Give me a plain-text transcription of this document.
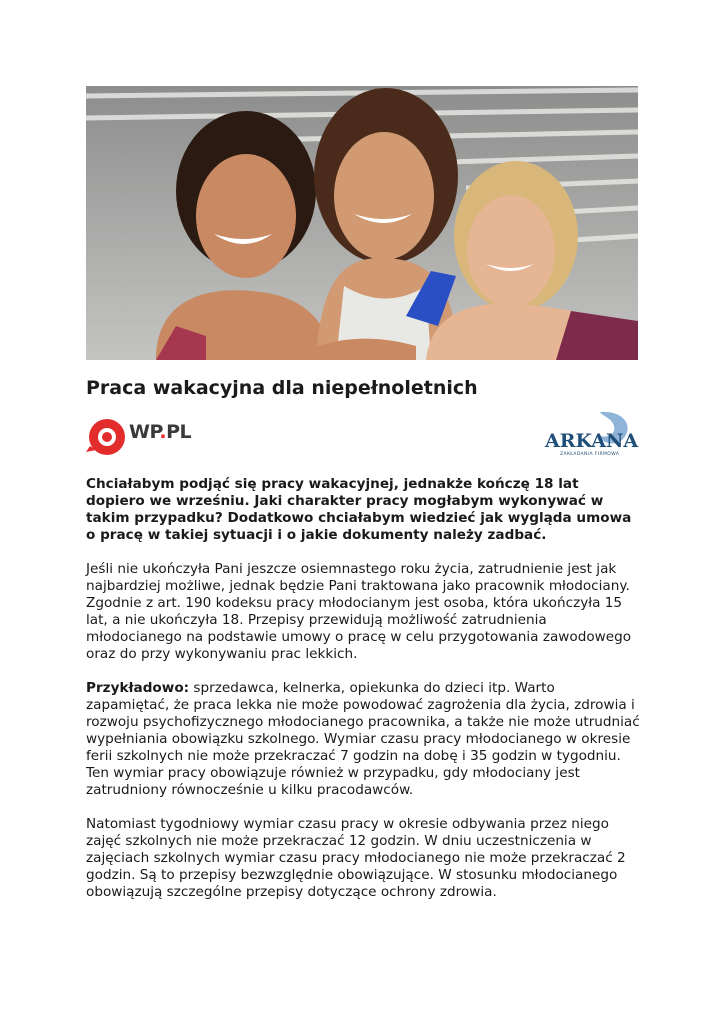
Praca wakacyjna dla niepełnoletnich
WP.PL	ARKANA
ZAKŁADANIA FIRMOWA

Chciałabym podjąć się pracy wakacyjnej, jednakże kończę 18 lat dopiero we wrześniu. Jaki charakter pracy mogłabym wykonywać w takim przypadku? Dodatkowo chciałabym wiedzieć jak wygląda umowa o pracę w takiej sytuacji i o jakie dokumenty należy zadbać.

Jeśli nie ukończyła Pani jeszcze osiemnastego roku życia, zatrudnienie jest jak najbardziej możliwe, jednak będzie Pani traktowana jako pracownik młodociany. Zgodnie z art. 190 kodeksu pracy młodocianym jest osoba, która ukończyła 15 lat, a nie ukończyła 18. Przepisy przewidują możliwość zatrudnienia młodocianego na podstawie umowy o pracę w celu przygotowania zawodowego oraz do przy wykonywaniu prac lekkich.

Przykładowo: sprzedawca, kelnerka, opiekunka do dzieci itp. Warto zapamiętać, że praca lekka nie może powodować zagrożenia dla życia, zdrowia i rozwoju psychofizycznego młodocianego pracownika, a także nie może utrudniać wypełniania obowiązku szkolnego. Wymiar czasu pracy młodocianego w okresie ferii szkolnych nie może przekraczać 7 godzin na dobę i 35 godzin w tygodniu. Ten wymiar pracy obowiązuje również w przypadku, gdy młodociany jest zatrudniony równocześnie u kilku pracodawców.

Natomiast tygodniowy wymiar czasu pracy w okresie odbywania przez niego zajęć szkolnych nie może przekraczać 12 godzin. W dniu uczestniczenia w zajęciach szkolnych wymiar czasu pracy młodocianego nie może przekraczać 2 godzin. Są to przepisy bezwzględnie obowiązujące. W stosunku młodocianego obowiązują szczególne przepisy dotyczące ochrony zdrowia.
